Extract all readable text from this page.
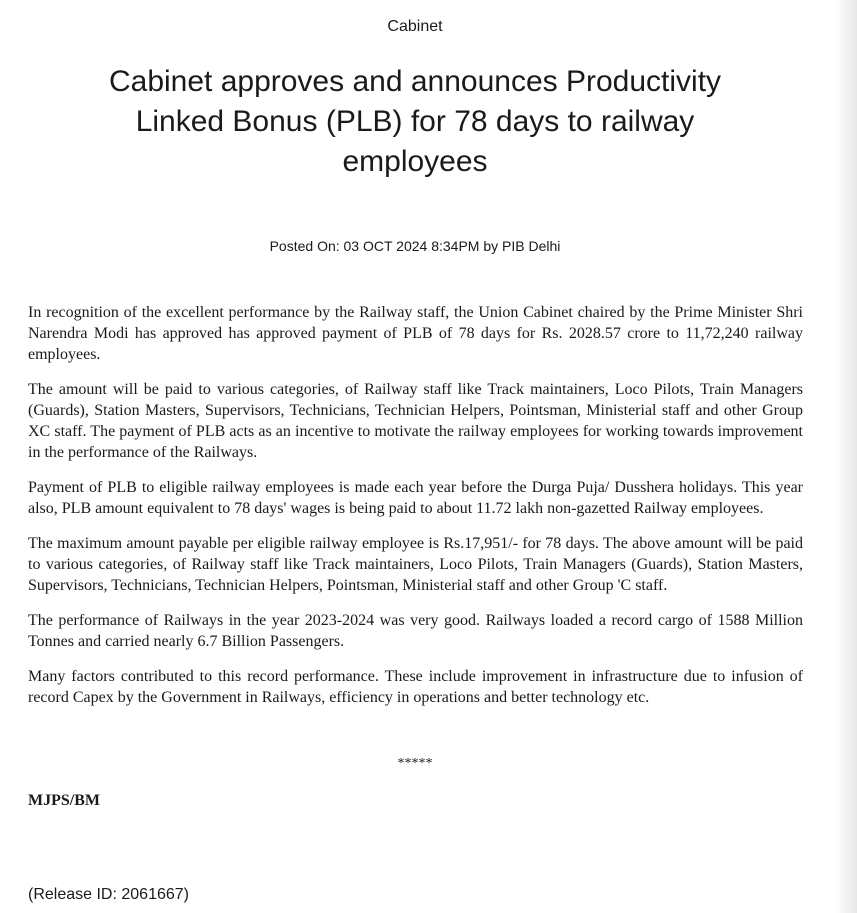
Cabinet
Cabinet approves and announces Productivity
Linked Bonus (PLB) for 78 days to railway
employees
Posted On: 03 OCT 2024 8:34PM by PIB Delhi

In recognition of the excellent performance by the Railway staff, the Union Cabinet chaired by the Prime Minister Shri Narendra Modi has approved has approved payment of PLB of 78 days for Rs. 2028.57 crore to 11,72,240 railway employees.

The amount will be paid to various categories, of Railway staff like Track maintainers, Loco Pilots, Train Managers (Guards), Station Masters, Supervisors, Technicians, Technician Helpers, Pointsman, Ministerial staff and other Group XC staff. The payment of PLB acts as an incentive to motivate the railway employees for working towards improvement in the performance of the Railways.

Payment of PLB to eligible railway employees is made each year before the Durga Puja/ Dusshera holidays. This year also, PLB amount equivalent to 78 days' wages is being paid to about 11.72 lakh non-gazetted Railway employees.

The maximum amount payable per eligible railway employee is Rs.17,951/- for 78 days. The above amount will be paid to various categories, of Railway staff like Track maintainers, Loco Pilots, Train Managers (Guards), Station Masters, Supervisors, Technicians, Technician Helpers, Pointsman, Ministerial staff and other Group 'C staff.

The performance of Railways in the year 2023-2024 was very good. Railways loaded a record cargo of 1588 Million Tonnes and carried nearly 6.7 Billion Passengers.

Many factors contributed to this record performance. These include improvement in infrastructure due to infusion of record Capex by the Government in Railways, efficiency in operations and better technology etc.

*****
MJPS/BM
(Release ID: 2061667)
